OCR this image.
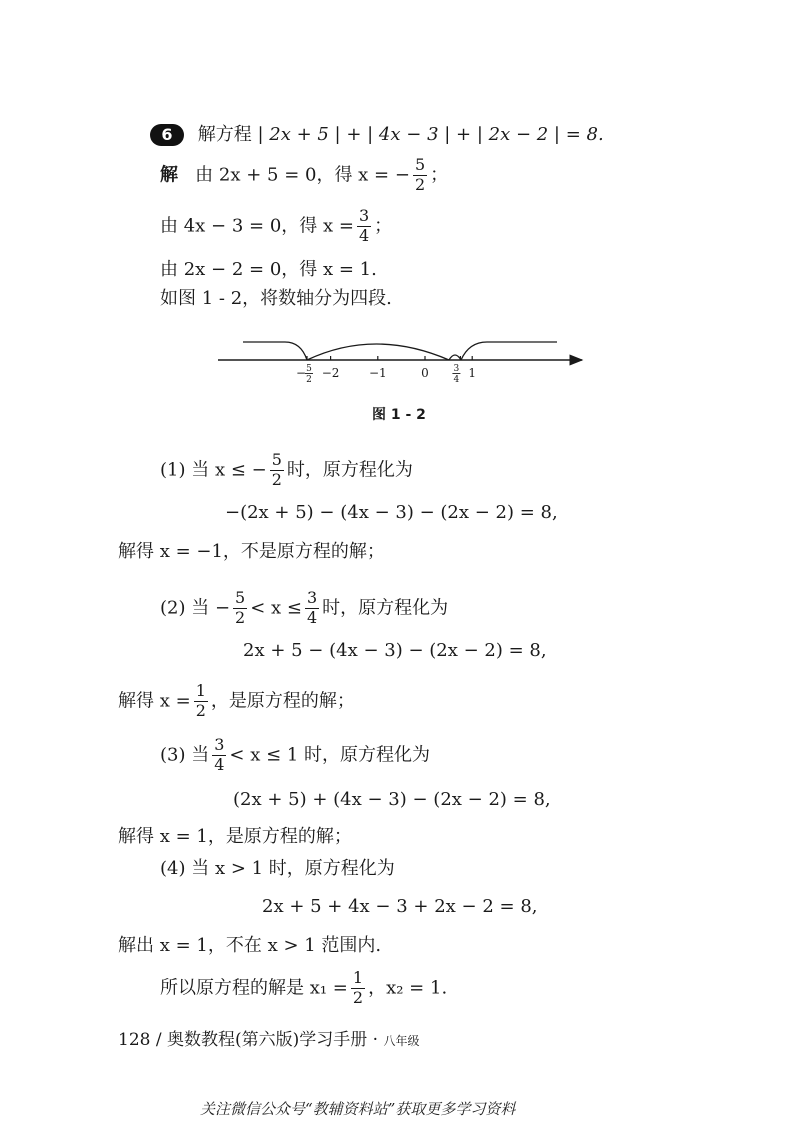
6 解方程 | 2x + 5 | + | 4x − 3 | + | 2x − 2 | = 8.
解 由 2x + 5 = 0，得 x = − $\frac{5}{2}$ ；
由 4x − 3 = 0，得 $x = \frac{3}{4}$ ；
由 2x − 2 = 0，得 x = 1.
如图 1 - 2，将数轴分为四段.
− 5
2 −2 −1	0	3
4 1
图 1 - 2
(1) 当 x ≤ − $\frac{5}{2}$ 时，原方程化为
−(2x + 5) − (4x − 3) − (2x − 2) = 8,
解得 x = −1，不是原方程的解；
(2) 当 − $\frac{5}{2} < x \le \frac{3}{4}$ 时，原方程化为
2x + 5 − (4x − 3) − (2x − 2) = 8,
解得 $x = \frac{1}{2}$ ，是原方程的解；
(3) 当 $\frac{3}{4} < x \le 1$ 时，原方程化为
(2x + 5) + (4x − 3) − (2x − 2) = 8,
解得 x = 1，是原方程的解；
(4) 当 x > 1 时，原方程化为
2x + 5 + 4x − 3 + 2x − 2 = 8,
解出 x = 1，不在 x > 1 范围内.
所以原方程的解是 $x_1 = \frac{1}{2}$ ，x₂ = 1.
128 / 奥数教程(第六版)学习手册 · 八年级
关注微信公众号“教辅资料站”获取更多学习资料
